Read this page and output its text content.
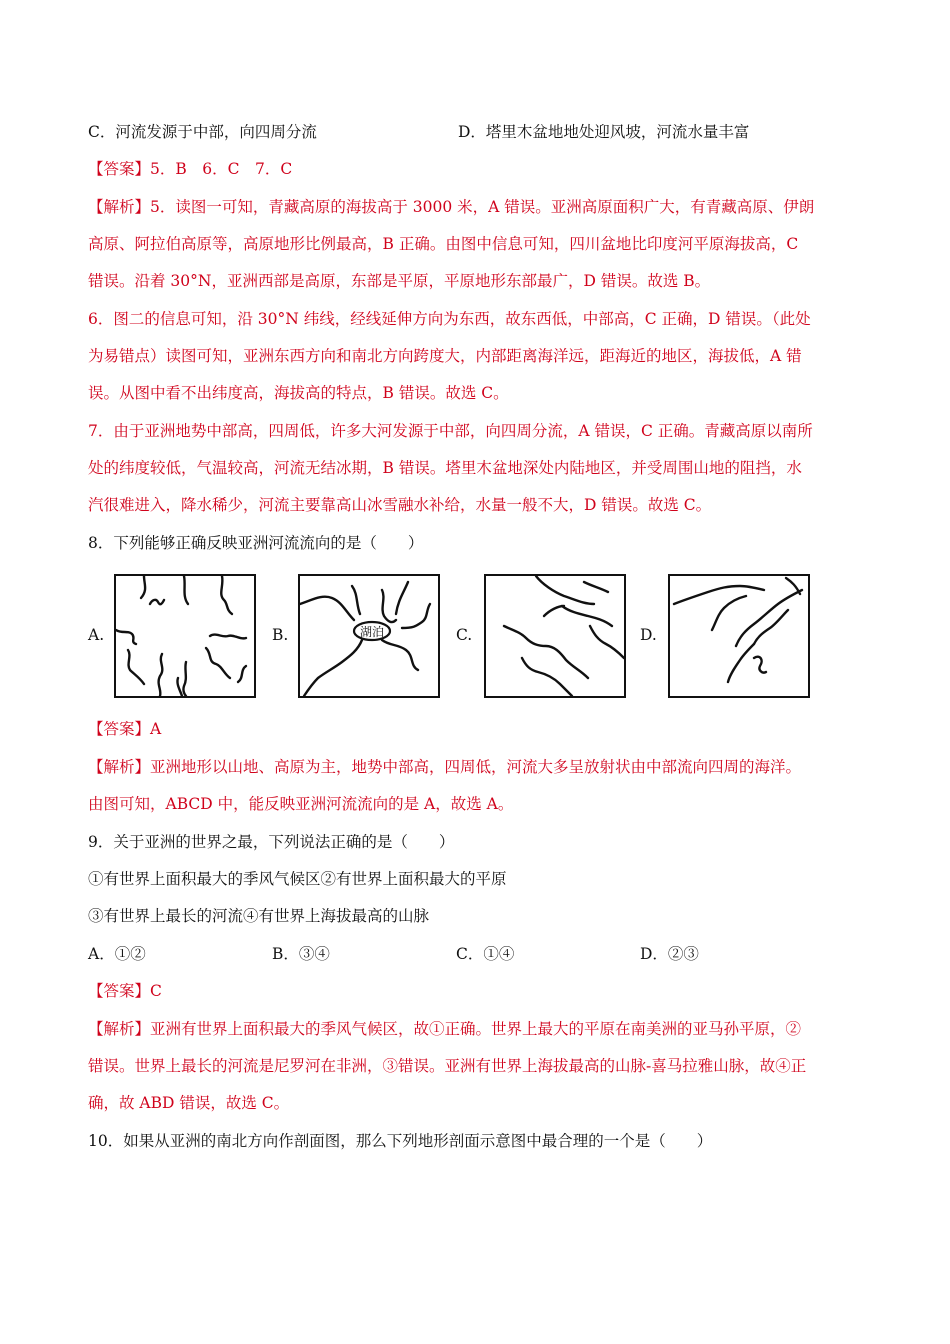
C．河流发源于中部，向四周分流	D．塔里木盆地地处迎风坡，河流水量丰富
【答案】5．B　6．C　7．C
【解析】5．读图一可知，青藏高原的海拔高于 3000 米，A 错误。亚洲高原面积广大，有青藏高原、伊朗
高原、阿拉伯高原等，高原地形比例最高，B 正确。由图中信息可知，四川盆地比印度河平原海拔高，C
错误。沿着 30°N，亚洲西部是高原，东部是平原，平原地形东部最广，D 错误。故选 B。
6．图二的信息可知，沿 30°N 纬线，经线延伸方向为东西，故东西低，中部高，C 正确，D 错误。（此处
为易错点）读图可知，亚洲东西方向和南北方向跨度大，内部距离海洋远，距海近的地区，海拔低，A 错
误。从图中看不出纬度高，海拔高的特点，B 错误。故选 C。
7．由于亚洲地势中部高，四周低，许多大河发源于中部，向四周分流，A 错误，C 正确。青藏高原以南所
处的纬度较低，气温较高，河流无结冰期，B 错误。塔里木盆地深处内陆地区，并受周围山地的阻挡，水
汽很难进入，降水稀少，河流主要靠高山冰雪融水补给，水量一般不大，D 错误。故选 C。
8．下列能够正确反映亚洲河流流向的是（　　）
A.	B.	C.	D.
湖泊
【答案】A
【解析】亚洲地形以山地、高原为主，地势中部高，四周低，河流大多呈放射状由中部流向四周的海洋。
由图可知，ABCD 中，能反映亚洲河流流向的是 A，故选 A。
9．关于亚洲的世界之最，下列说法正确的是（　　）
①有世界上面积最大的季风气候区②有世界上面积最大的平原
③有世界上最长的河流④有世界上海拔最高的山脉
A．①②	B．③④	C．①④	D．②③
【答案】C
【解析】亚洲有世界上面积最大的季风气候区，故①正确。世界上最大的平原在南美洲的亚马孙平原，②
错误。世界上最长的河流是尼罗河在非洲，③错误。亚洲有世界上海拔最高的山脉-喜马拉雅山脉，故④正
确，故 ABD 错误，故选 C。
10．如果从亚洲的南北方向作剖面图，那么下列地形剖面示意图中最合理的一个是（　　）
